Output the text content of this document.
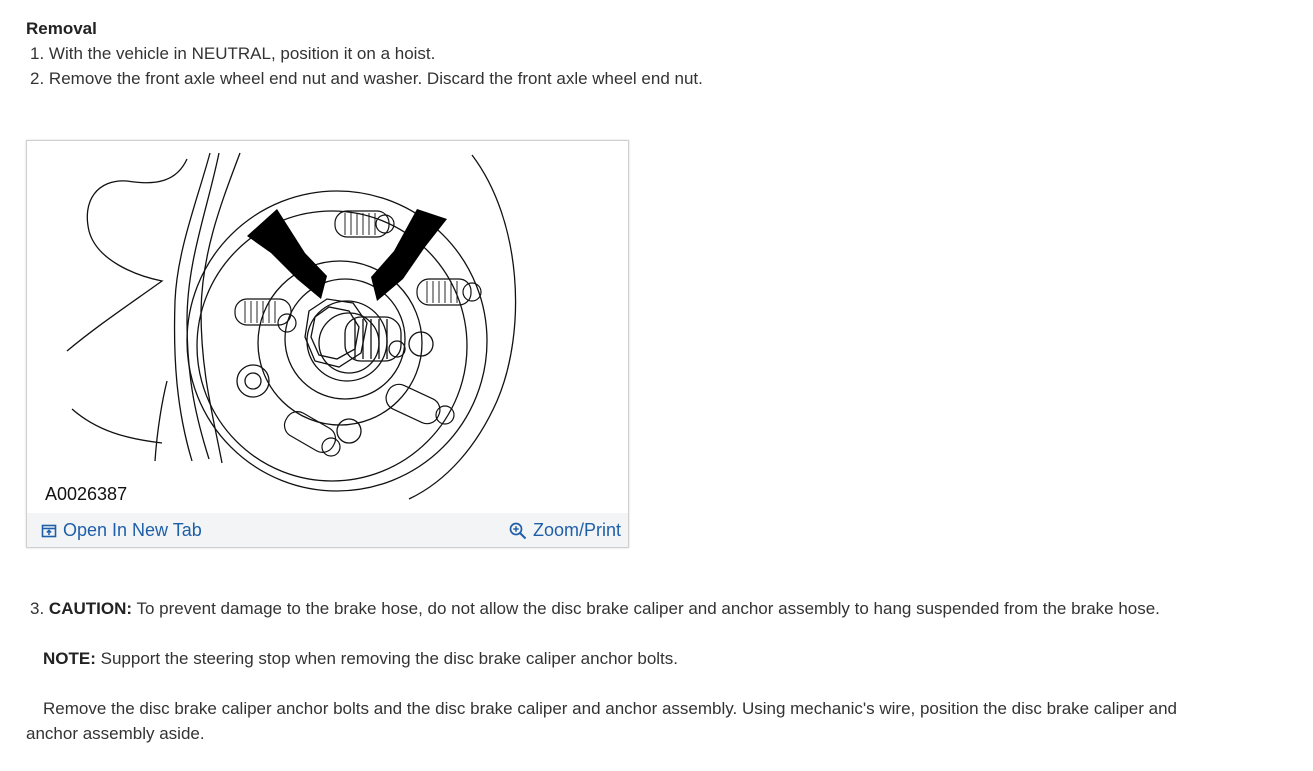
Removal
1. With the vehicle in NEUTRAL, position it on a hoist.
2. Remove the front axle wheel end nut and washer. Discard the front axle wheel end nut.
A0026387
Open In New Tab	Zoom/Print
3. CAUTION: To prevent damage to the brake hose, do not allow the disc brake caliper and anchor assembly to hang suspended from the brake hose.
NOTE: Support the steering stop when removing the disc brake caliper anchor bolts.
Remove the disc brake caliper anchor bolts and the disc brake caliper and anchor assembly. Using mechanic's wire, position the disc brake caliper and
anchor assembly aside.
